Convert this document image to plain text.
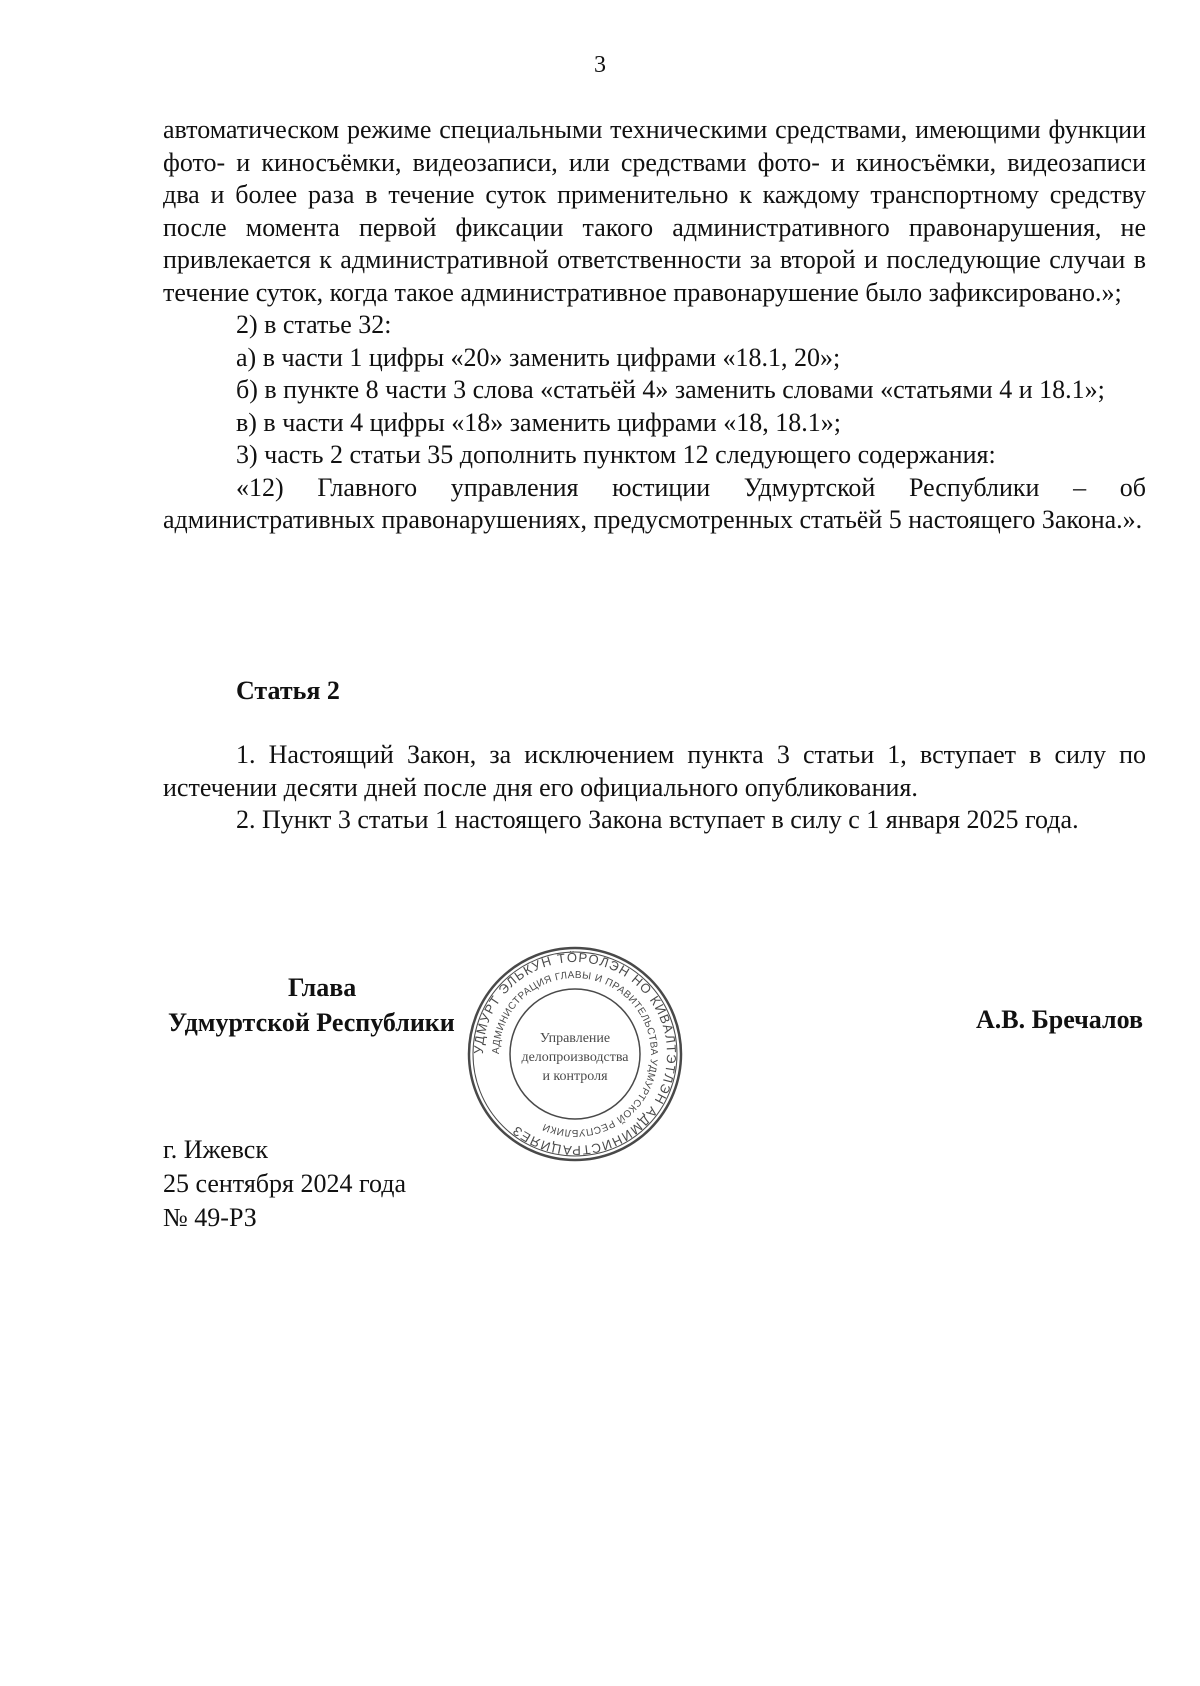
3

автоматическом режиме специальными техническими средствами, имеющими функции фото- и киносъёмки, видеозаписи, или средствами фото- и киносъёмки, видеозаписи два и более раза в течение суток применительно к каждому транспортному средству после момента первой фиксации такого административного правонарушения, не привлекается к административной ответственности за второй и последующие случаи в течение суток, когда такое административное правонарушение было зафиксировано.»;

2) в статье 32:

а) в части 1 цифры «20» заменить цифрами «18.1, 20»;

б) в пункте 8 части 3 слова «статьёй 4» заменить словами «статьями 4 и 18.1»;

в) в части 4 цифры «18» заменить цифрами «18, 18.1»;

3) часть 2 статьи 35 дополнить пунктом 12 следующего содержания:

«12) Главного управления юстиции Удмуртской Республики – об административных правонарушениях, предусмотренных статьёй 5 настоящего Закона.».

Статья 2

1. Настоящий Закон, за исключением пункта 3 статьи 1, вступает в силу по истечении десяти дней после дня его официального опубликования.

2. Пункт 3 статьи 1 настоящего Закона вступает в силу с 1 января 2025 года.

Глава
Удмуртской Республики	А.В. Бречалов
УДМУРТ ЭЛЬКУН ТӦРОЛЭН НО КИВАЛТЭТЛЭН АДМИНИСТРАЦИЯЕЗ
АДМИНИСТРАЦИЯ ГЛАВЫ И ПРАВИТЕЛЬСТВА УДМУРТСКОЙ РЕСПУБЛИКИ
Управление
делопроизводства
и контроля
г. Ижевск
25 сентября 2024 года
№ 49-РЗ
